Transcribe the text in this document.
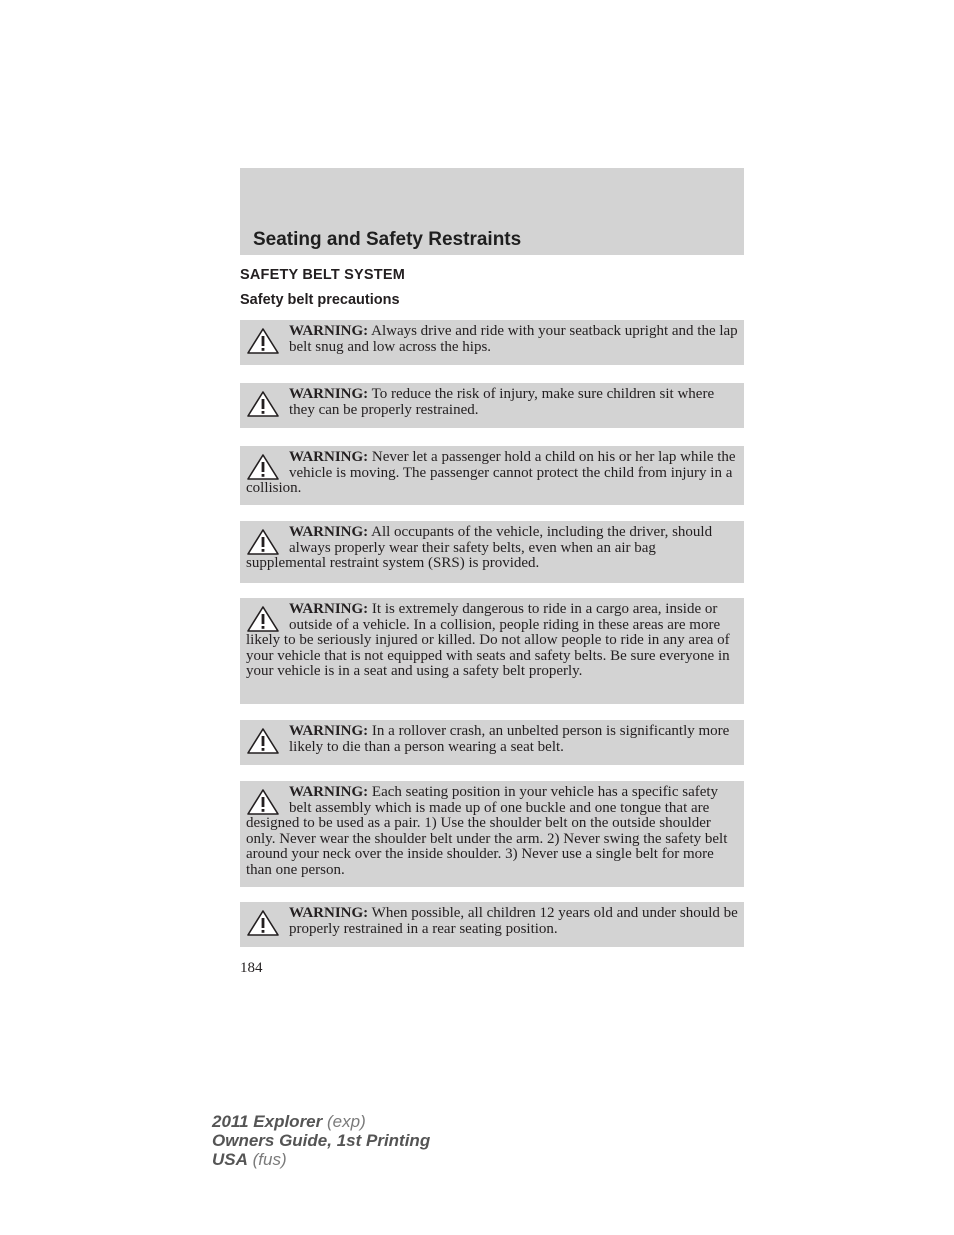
Seating and Safety Restraints
SAFETY BELT SYSTEM
Safety belt precautions
WARNING: Always drive and ride with your seatback upright and the lap belt snug and low across the hips.
WARNING: To reduce the risk of injury, make sure children sit where they can be properly restrained.
WARNING: Never let a passenger hold a child on his or her lap while the vehicle is moving. The passenger cannot protect the child from injury in a collision.
WARNING: All occupants of the vehicle, including the driver, should always properly wear their safety belts, even when an air bag supplemental restraint system (SRS) is provided.
WARNING: It is extremely dangerous to ride in a cargo area, inside or outside of a vehicle. In a collision, people riding in these areas are more likely to be seriously injured or killed. Do not allow people to ride in any area of your vehicle that is not equipped with seats and safety belts. Be sure everyone in your vehicle is in a seat and using a safety belt properly.
WARNING: In a rollover crash, an unbelted person is significantly more likely to die than a person wearing a seat belt.
WARNING: Each seating position in your vehicle has a specific safety belt assembly which is made up of one buckle and one tongue that are designed to be used as a pair. 1) Use the shoulder belt on the outside shoulder only. Never wear the shoulder belt under the arm. 2) Never swing the safety belt around your neck over the inside shoulder. 3) Never use a single belt for more than one person.
WARNING: When possible, all children 12 years old and under should be properly restrained in a rear seating position.
184
2011 Explorer (exp)
Owners Guide, 1st Printing
USA (fus)
